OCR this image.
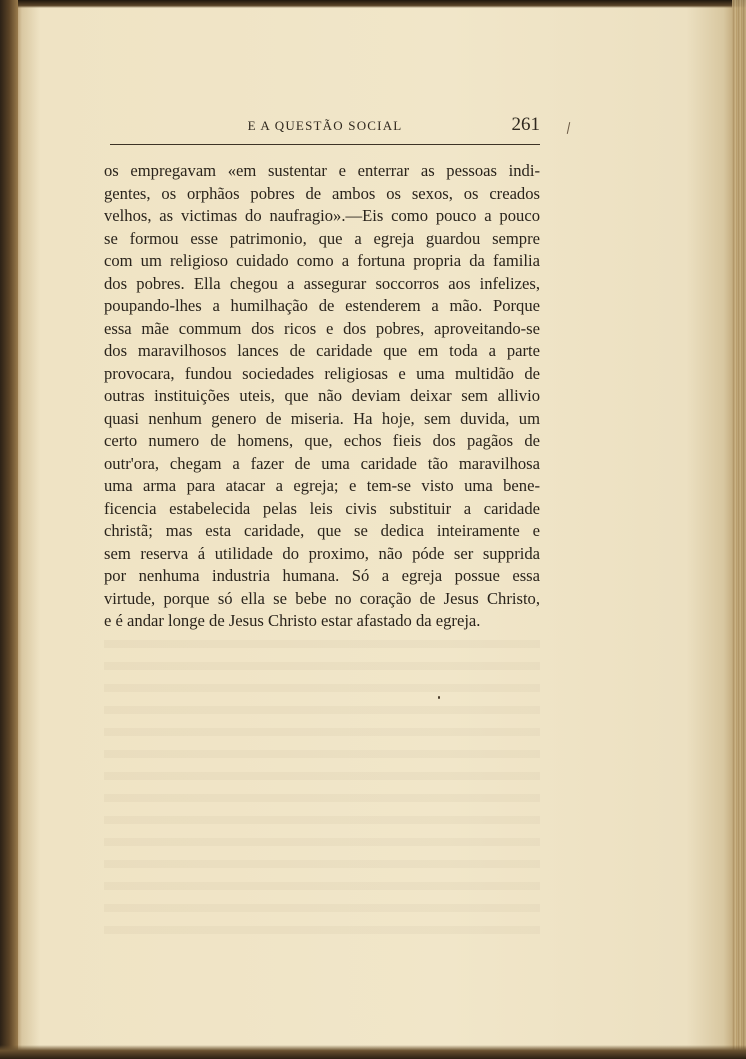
E A QUESTÃO SOCIAL	261
os empregavam «em sustentar e enterrar as pessoas indi-
gentes, os orphãos pobres de ambos os sexos, os creados
velhos, as victimas do naufragio».—Eis como pouco a pouco
se formou esse patrimonio, que a egreja guardou sempre
com um religioso cuidado como a fortuna propria da familia
dos pobres. Ella chegou a assegurar soccorros aos infelizes,
poupando-lhes a humilhação de estenderem a mão. Porque
essa mãe commum dos ricos e dos pobres, aproveitando-se
dos maravilhosos lances de caridade que em toda a parte
provocara, fundou sociedades religiosas e uma multidão de
outras instituições uteis, que não deviam deixar sem allivio
quasi nenhum genero de miseria. Ha hoje, sem duvida, um
certo numero de homens, que, echos fieis dos pagãos de
outr'ora, chegam a fazer de uma caridade tão maravilhosa
uma arma para atacar a egreja; e tem-se visto uma bene-
ficencia estabelecida pelas leis civis substituir a caridade
christã; mas esta caridade, que se dedica inteiramente e
sem reserva á utilidade do proximo, não póde ser supprida
por nenhuma industria humana. Só a egreja possue essa
virtude, porque só ella se bebe no coração de Jesus Christo,
e é andar longe de Jesus Christo estar afastado da egreja.
